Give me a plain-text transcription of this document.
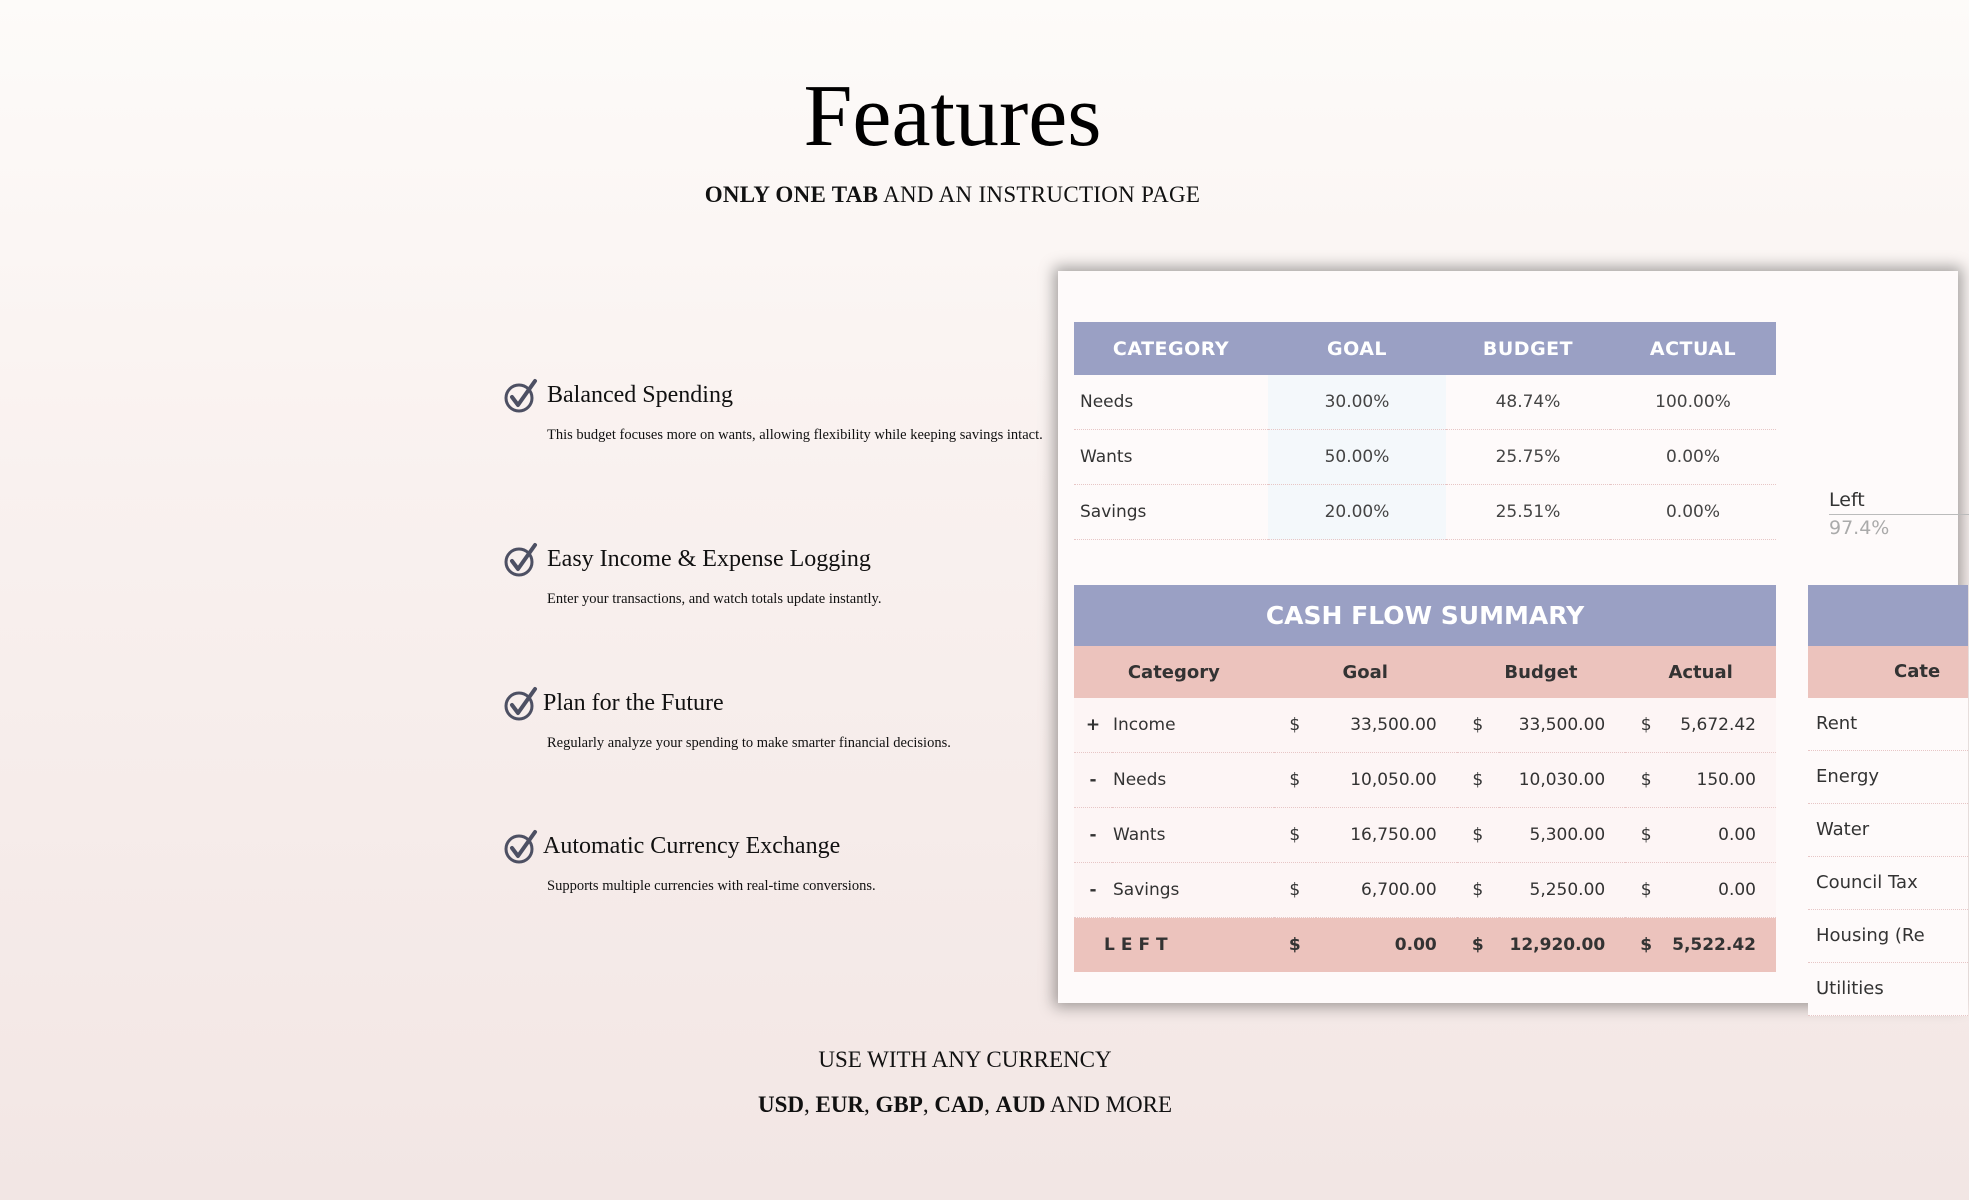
Features
ONLY ONE TAB AND AN INSTRUCTION PAGE
Balanced Spending
This budget focuses more on wants, allowing flexibility while keeping savings intact.
Easy Income & Expense Logging
Enter your transactions, and watch totals update instantly.
Plan for the Future
Regularly analyze your spending to make smarter financial decisions.
Automatic Currency Exchange
Supports multiple currencies with real-time conversions.
CATEGORY	GOAL	BUDGET	ACTUAL
Needs	30.00%	48.74%	100.00%
Wants	50.00%	25.75%	0.00%
Savings	20.00%	25.51%	0.00%
Left
97.4%
CASH FLOW SUMMARY
Category		Goal		Budget		Actual	
+	Income	$	33,500.00	$	33,500.00	$	5,672.42
-	Needs	$	10,050.00	$	10,030.00	$	150.00
-	Wants	$	16,750.00	$	5,300.00	$	0.00
-	Savings	$	6,700.00	$	5,250.00	$	0.00
LEFT		$	0.00	$	12,920.00	$	5,522.42
Cate
Rent
Energy
Water
Council Tax
Housing (Re
Utilities
USE WITH ANY CURRENCY
USD, EUR, GBP, CAD, AUD AND MORE
